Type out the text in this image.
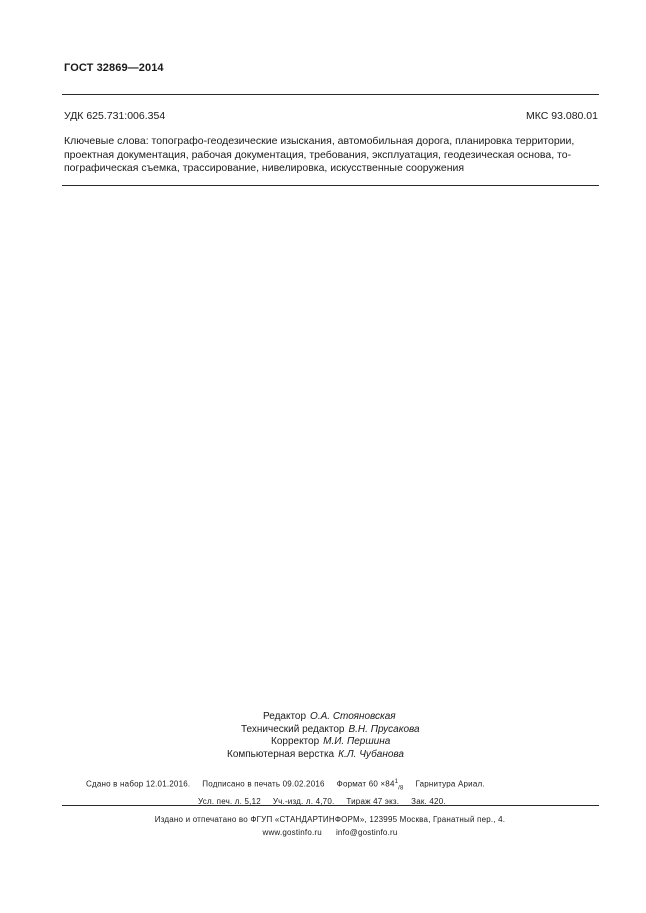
ГОСТ 32869—2014
УДК 625.731:006.354	МКС 93.080.01
Ключевые слова: топографо-геодезические изыскания, автомобильная дорога, планировка территории,
проектная документация, рабочая документация, требования, эксплуатация, геодезическая основа, то-
пографическая съемка, трассирование, нивелировка, искусственные сооружения
Редактор О.А. Стояновская
Технический редактор В.Н. Прусакова
Корректор М.И. Першина
Компьютерная верстка К.Л. Чубанова
Сдано в набор 12.01.2016. Подписано в печать 09.02.2016 Формат $60 \times 84^1_{/8}$ Гарнитура Ариал.
Усл. печ. л. 5,12 Уч.-изд. л. 4,70. Тираж 47 экз. Зак. 420.
Издано и отпечатано во ФГУП «СТАНДАРТИНФОРМ», 123995 Москва, Гранатный пер., 4.
www.gostinfo.ru info@gostinfo.ru
